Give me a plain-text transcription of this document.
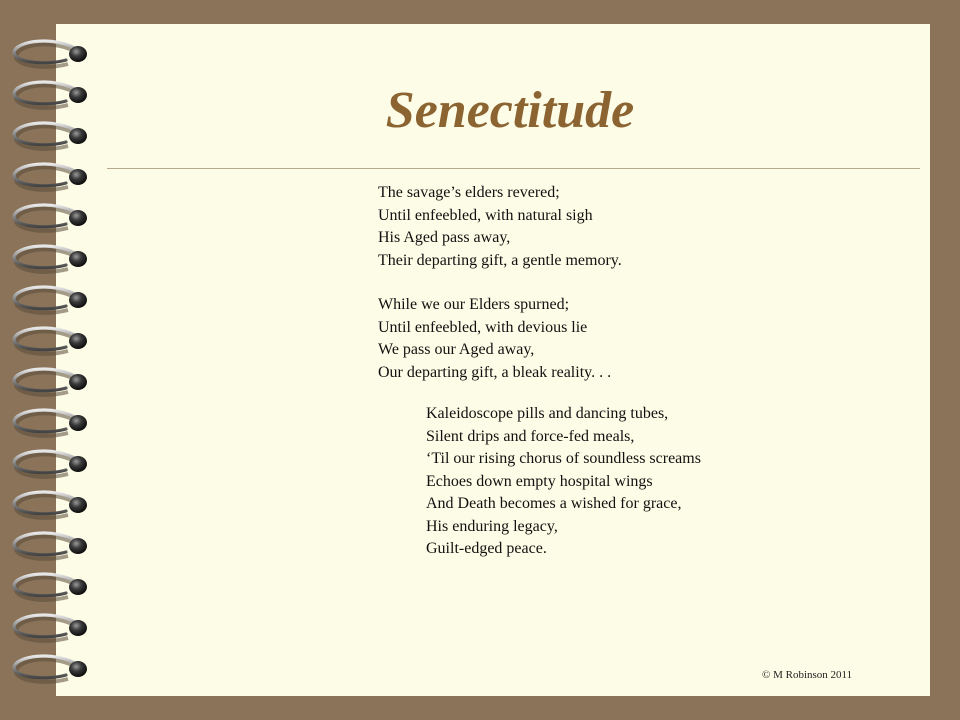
Senectitude
The savage’s elders revered;
Until enfeebled, with natural sigh
His Aged pass away,
Their departing gift, a gentle memory.
While we our Elders spurned;
Until enfeebled, with devious lie
We pass our Aged away,
Our departing gift, a bleak reality. . .
Kaleidoscope pills and dancing tubes,
Silent drips and force-fed meals,
‘Til our rising chorus of soundless screams
Echoes down empty hospital wings
And Death becomes a wished for grace,
His enduring legacy,
Guilt-edged peace.
© M Robinson 2011
